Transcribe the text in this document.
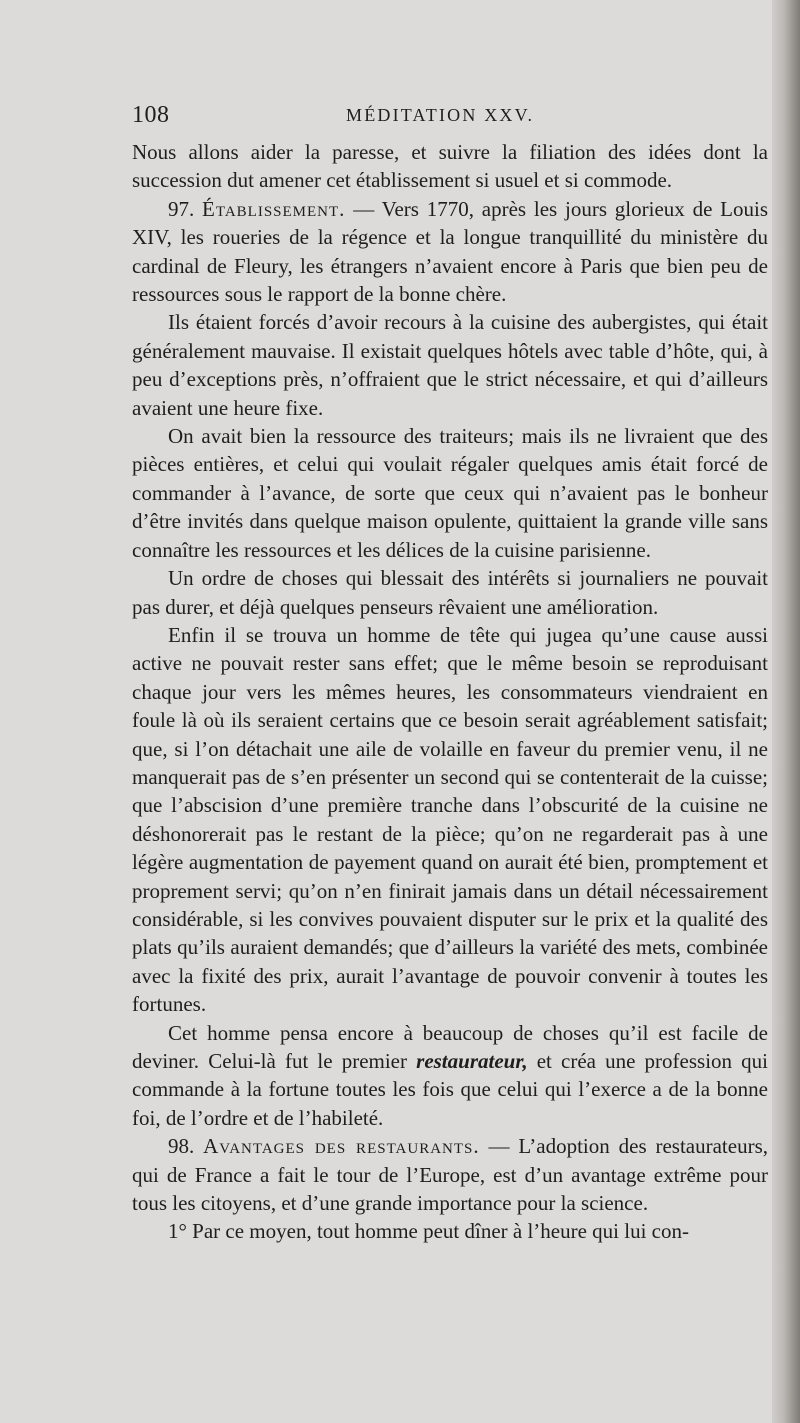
108	MÉDITATION XXV.

Nous allons aider la paresse, et suivre la filiation des idées dont la succession dut amener cet établissement si usuel et si commode.

97. Établissement. — Vers 1770, après les jours glorieux de Louis XIV, les roueries de la régence et la longue tranquillité du ministère du cardinal de Fleury, les étrangers n’avaient encore à Paris que bien peu de ressources sous le rapport de la bonne chère.

Ils étaient forcés d’avoir recours à la cuisine des aubergistes, qui était généralement mauvaise. Il existait quelques hôtels avec table d’hôte, qui, à peu d’exceptions près, n’offraient que le strict nécessaire, et qui d’ailleurs avaient une heure fixe.

On avait bien la ressource des traiteurs; mais ils ne livraient que des pièces entières, et celui qui voulait régaler quelques amis était forcé de commander à l’avance, de sorte que ceux qui n’avaient pas le bonheur d’être invités dans quelque maison opulente, quittaient la grande ville sans connaître les ressources et les délices de la cuisine parisienne.

Un ordre de choses qui blessait des intérêts si journaliers ne pouvait pas durer, et déjà quelques penseurs rêvaient une amélioration.

Enfin il se trouva un homme de tête qui jugea qu’une cause aussi active ne pouvait rester sans effet; que le même besoin se reproduisant chaque jour vers les mêmes heures, les consommateurs viendraient en foule là où ils seraient certains que ce besoin serait agréablement satisfait; que, si l’on détachait une aile de volaille en faveur du premier venu, il ne manquerait pas de s’en présenter un second qui se contenterait de la cuisse; que l’abscision d’une première tranche dans l’obscurité de la cuisine ne déshonorerait pas le restant de la pièce; qu’on ne regarderait pas à une légère augmentation de payement quand on aurait été bien, promptement et proprement servi; qu’on n’en finirait jamais dans un détail nécessairement considérable, si les convives pouvaient disputer sur le prix et la qualité des plats qu’ils auraient demandés; que d’ailleurs la variété des mets, combinée avec la fixité des prix, aurait l’avantage de pouvoir convenir à toutes les fortunes.

Cet homme pensa encore à beaucoup de choses qu’il est facile de deviner. Celui-là fut le premier restaurateur, et créa une profession qui commande à la fortune toutes les fois que celui qui l’exerce a de la bonne foi, de l’ordre et de l’habileté.

98. Avantages des restaurants. — L’adoption des restaurateurs, qui de France a fait le tour de l’Europe, est d’un avantage extrême pour tous les citoyens, et d’une grande importance pour la science.

1° Par ce moyen, tout homme peut dîner à l’heure qui lui con-
